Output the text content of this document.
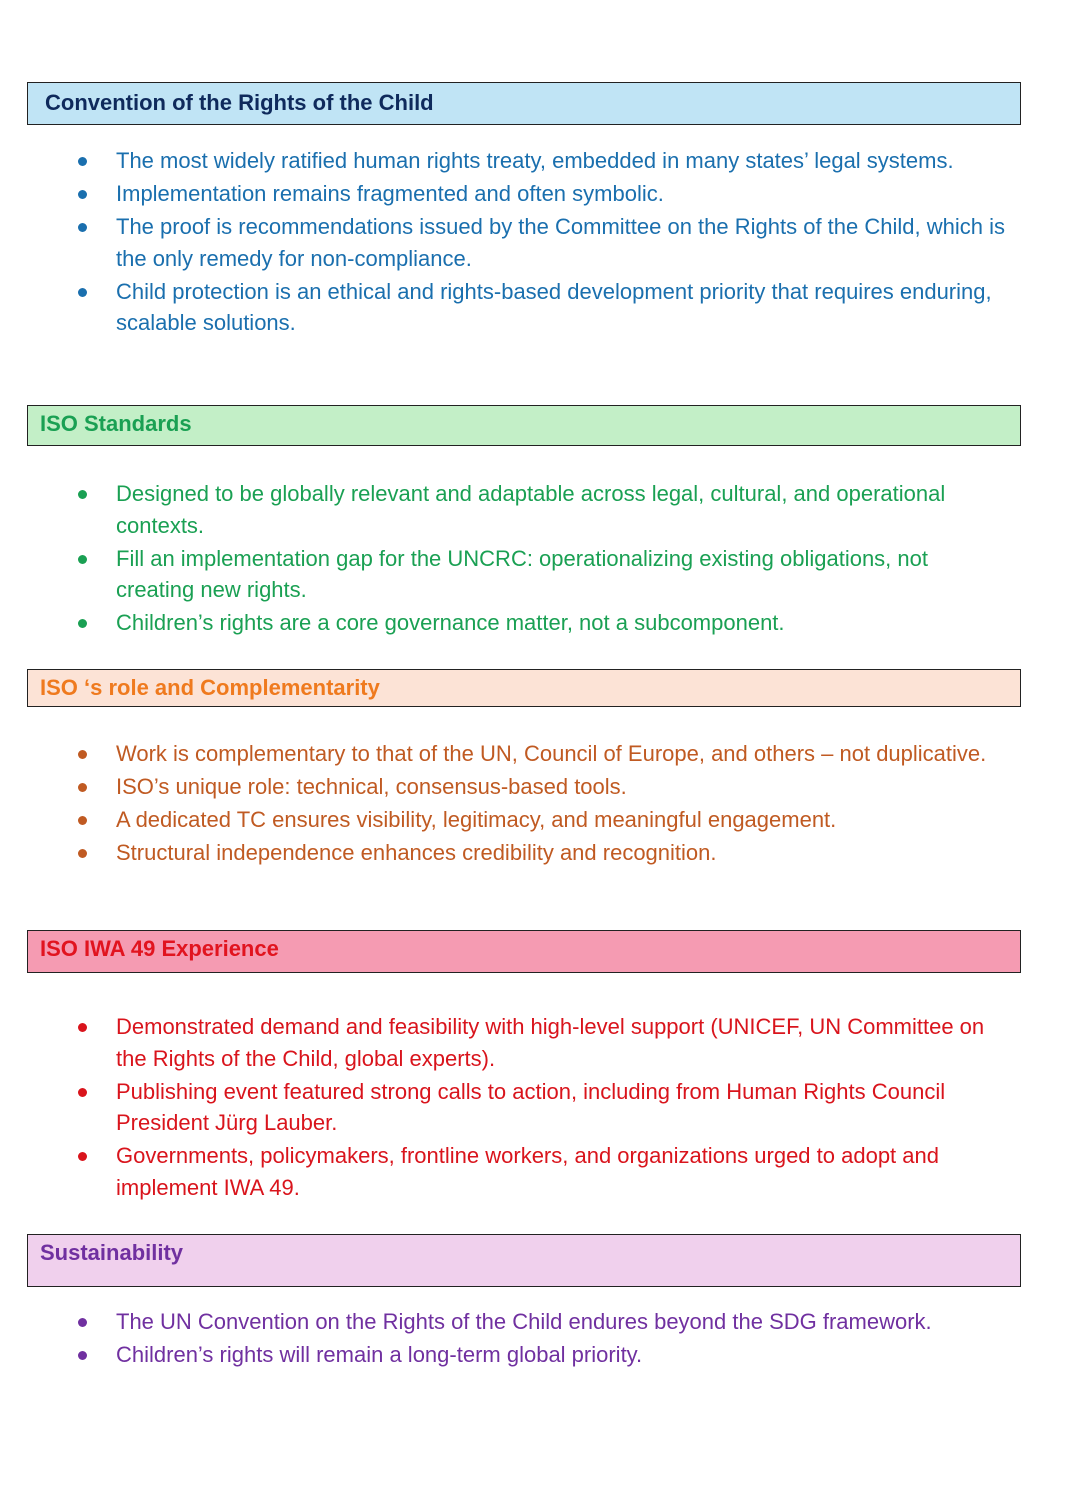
Convention of the Rights of the Child
The most widely ratified human rights treaty, embedded in many states’ legal systems.
Implementation remains fragmented and often symbolic.
The proof is recommendations issued by the Committee on the Rights of the Child, which is the only remedy for non-compliance.
Child protection is an ethical and rights-based development priority that requires enduring, scalable solutions.
ISO Standards
Designed to be globally relevant and adaptable across legal, cultural, and operational contexts.
Fill an implementation gap for the UNCRC: operationalizing existing obligations, not creating new rights.
Children’s rights are a core governance matter, not a subcomponent.
ISO ‘s role and Complementarity
Work is complementary to that of the UN, Council of Europe, and others – not duplicative.
ISO’s unique role: technical, consensus-based tools.
A dedicated TC ensures visibility, legitimacy, and meaningful engagement.
Structural independence enhances credibility and recognition.
ISO IWA 49 Experience
Demonstrated demand and feasibility with high-level support (UNICEF, UN Committee on the Rights of the Child, global experts).
Publishing event featured strong calls to action, including from Human Rights Council President Jürg Lauber.
Governments, policymakers, frontline workers, and organizations urged to adopt and implement IWA 49.
Sustainability
The UN Convention on the Rights of the Child endures beyond the SDG framework.
Children’s rights will remain a long-term global priority.
